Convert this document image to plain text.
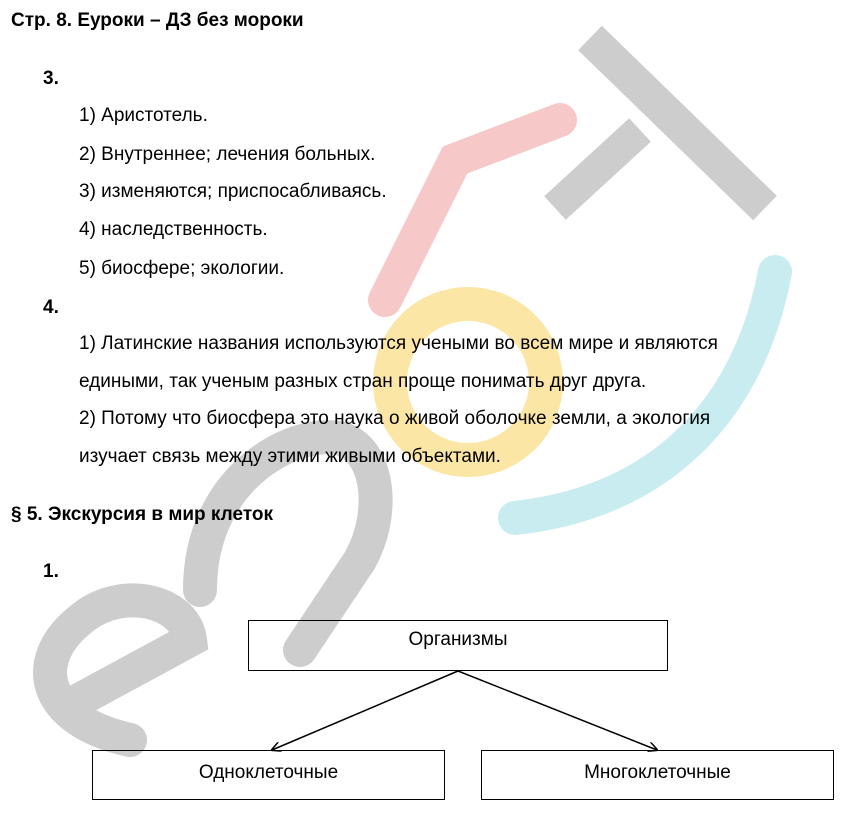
Стр. 8. Еуроки – ДЗ без мороки
3.
1) Аристотель.
2) Внутреннее; лечения больных.
3) изменяются; приспосабливаясь.
4) наследственность.
5) биосфере; экологии.
4.
1) Латинские названия используются учеными во всем мире и являются
едиными, так ученым разных стран проще понимать друг друга.
2) Потому что биосфера это наука о живой оболочке земли, а экология
изучает связь между этими живыми объектами.
§ 5. Экскурсия в мир клеток
1.
Организмы
Одноклеточные	Многоклеточные
